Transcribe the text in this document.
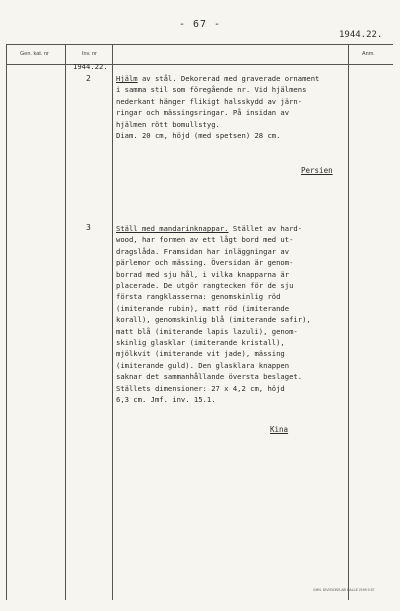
- 67 -
1944.22.
Gen. kat. nr	Inv. nr	Anm.
1944.22.
2	Hjälm av stål. Dekorerad med graverade ornament
i samma stil som föregående nr. Vid hjälmens
nederkant hänger flikigt halsskydd av järn-
ringar och mässingsringar. På insidan av
hjälmen rött bomullstyg.
Diam. 20 cm, höjd (med spetsen) 28 cm.
Persien
3	Ställ med mandarinknappar. Stället av hard-
wood, har formen av ett lågt bord med ut-
dragslåda. Framsidan har inläggningar av
pärlemor och mässing. Översidan är genom-
borrad med sju hål, i vilka knapparna är
placerade. De utgör rangtecken för de sju
första rangklasserna: genomskinlig röd
(imiterande rubin), matt röd (imiterande
korall), genomskinlig blå (imiterande safir),
matt blå (imiterande lapis lazuli), genom-
skinlig glasklar (imiterande kristall),
mjölkvit (imiterande vit jade), mässing
(imiterande guld). Den glasklara knappen
saknar det sammanhållande översta beslaget.
Ställets dimensioner: 27 x 4,2 cm, höjd
6,3 cm. Jmf. inv. 15.1.
Kina
GHN. DIVISIONS AB HALLE 2199 9 67
